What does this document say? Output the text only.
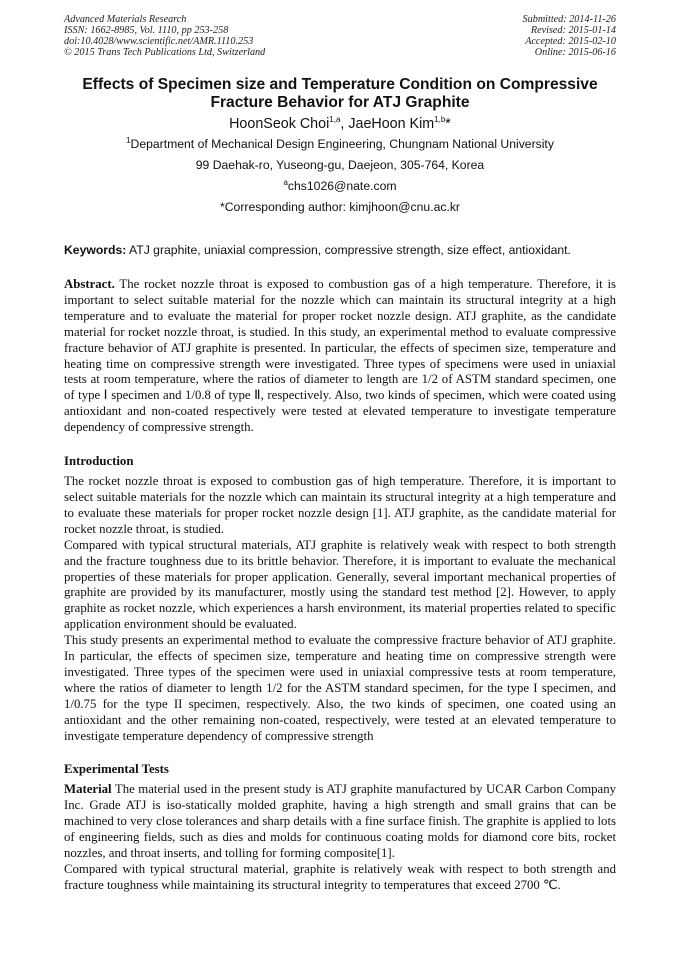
Advanced Materials Research
ISSN: 1662-8985, Vol. 1110, pp 253-258
doi:10.4028/www.scientific.net/AMR.1110.253
© 2015 Trans Tech Publications Ltd, Switzerland
Submitted: 2014-11-26
Revised: 2015-01-14
Accepted: 2015-02-10
Online: 2015-06-16
Effects of Specimen size and Temperature Condition on Compressive Fracture Behavior for ATJ Graphite
HoonSeok Choi$^{1,a}$, JaeHoon Kim$^{1,b}$*
$^1$Department of Mechanical Design Engineering, Chungnam National University
99 Daehak-ro, Yuseong-gu, Daejeon, 305-764, Korea
$^a$chs1026@nate.com
*Corresponding author: kimjhoon@cnu.ac.kr
Keywords: ATJ graphite, uniaxial compression, compressive strength, size effect, antioxidant.
Abstract. The rocket nozzle throat is exposed to combustion gas of a high temperature. Therefore, it is important to select suitable material for the nozzle which can maintain its structural integrity at a high temperature and to evaluate the material for proper rocket nozzle design. ATJ graphite, as the candidate material for rocket nozzle throat, is studied. In this study, an experimental method to evaluate compressive fracture behavior of ATJ graphite is presented. In particular, the effects of specimen size, temperature and heating time on compressive strength were investigated. Three types of specimens were used in uniaxial tests at room temperature, where the ratios of diameter to length are 1/2 of ASTM standard specimen, one of type Ⅰ specimen and 1/0.8 of type Ⅱ, respectively. Also, two kinds of specimen, which were coated using antioxidant and non-coated respectively were tested at elevated temperature to investigate temperature dependency of compressive strength.
Introduction

The rocket nozzle throat is exposed to combustion gas of high temperature. Therefore, it is important to select suitable materials for the nozzle which can maintain its structural integrity at a high temperature and to evaluate these materials for proper rocket nozzle design [1]. ATJ graphite, as the candidate material for rocket nozzle throat, is studied.

Compared with typical structural materials, ATJ graphite is relatively weak with respect to both strength and the fracture toughness due to its brittle behavior. Therefore, it is important to evaluate the mechanical properties of these materials for proper application. Generally, several important mechanical properties of graphite are provided by its manufacturer, mostly using the standard test method [2]. However, to apply graphite as rocket nozzle, which experiences a harsh environment, its material properties related to specific application environment should be evaluated.

This study presents an experimental method to evaluate the compressive fracture behavior of ATJ graphite. In particular, the effects of specimen size, temperature and heating time on compressive strength were investigated. Three types of the specimen were used in uniaxial compressive tests at room temperature, where the ratios of diameter to length 1/2 for the ASTM standard specimen, for the type I specimen, and 1/0.75 for the type II specimen, respectively. Also, the two kinds of specimen, one coated using an antioxidant and the other remaining non-coated, respectively, were tested at an elevated temperature to investigate temperature dependency of compressive strength

Experimental Tests

Material The material used in the present study is ATJ graphite manufactured by UCAR Carbon Company Inc. Grade ATJ is iso-statically molded graphite, having a high strength and small grains that can be machined to very close tolerances and sharp details with a fine surface finish. The graphite is applied to lots of engineering fields, such as dies and molds for continuous coating molds for diamond core bits, rocket nozzles, and throat inserts, and tolling for forming composite[1].

Compared with typical structural material, graphite is relatively weak with respect to both strength and fracture toughness while maintaining its structural integrity to temperatures that exceed 2700 ℃.
